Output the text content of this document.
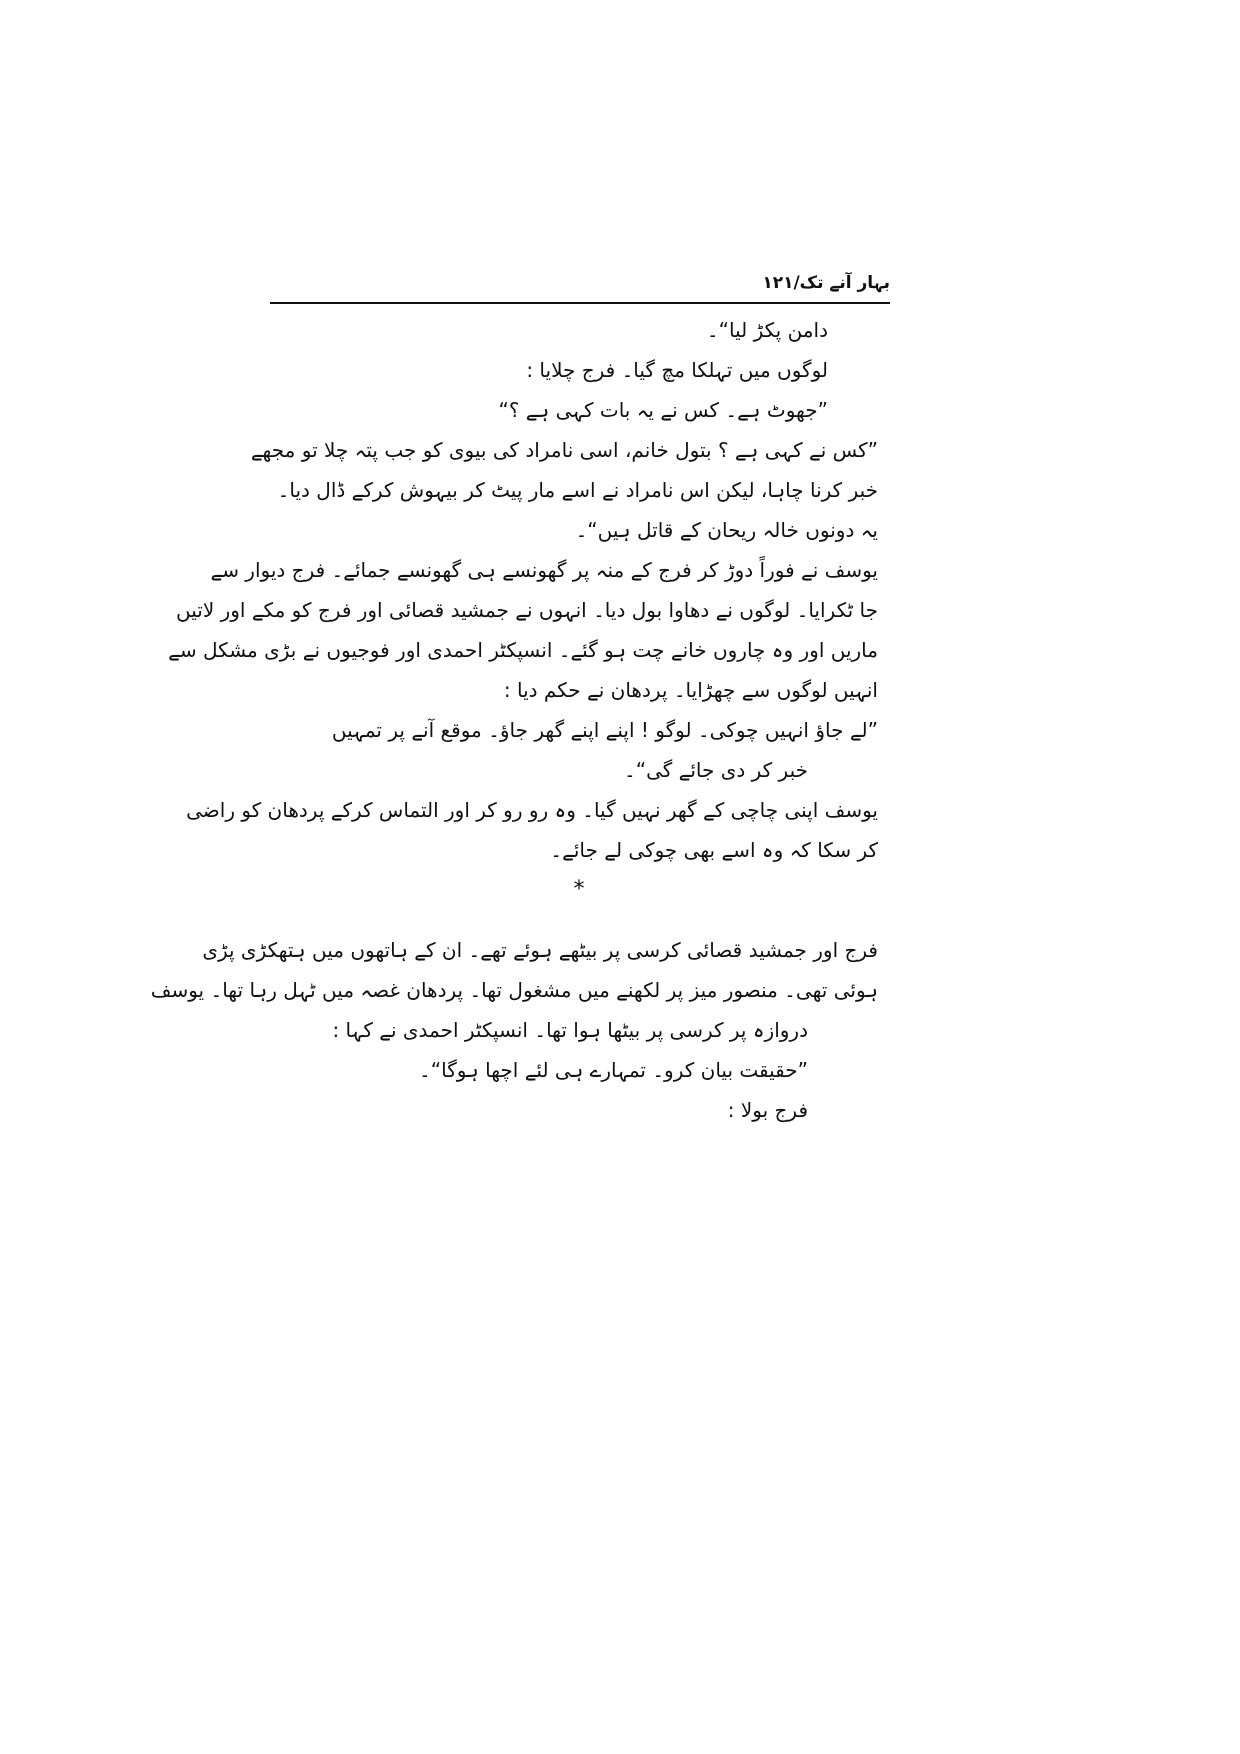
بہار آنے تک/۱۲۱
دامن پکڑ لیا“۔
لوگوں میں تہلکا مچ گیا۔ فرج چلایا :
”جھوٹ ہے۔ کس نے یہ بات کہی ہے ؟“
”کس نے کہی ہے ؟ بتول خانم، اسی نامراد کی بیوی کو جب پتہ چلا تو مجھے
خبر کرنا چاہا، لیکن اس نامراد نے اسے مار پیٹ کر بیہوش کرکے ڈال دیا۔
یہ دونوں خالہ ریحان کے قاتل ہیں“۔
یوسف نے فوراً دوڑ کر فرج کے منہ پر گھونسے ہی گھونسے جمائے۔ فرج دیوار سے
جا ٹکرایا۔ لوگوں نے دھاوا بول دیا۔ انہوں نے جمشید قصائی اور فرج کو مکے اور لاتیں
ماریں اور وہ چاروں خانے چت ہو گئے۔ انسپکٹر احمدی اور فوجیوں نے بڑی مشکل سے
انہیں لوگوں سے چھڑایا۔ پردھان نے حکم دیا :
”لے جاؤ انہیں چوکی۔ لوگو ! اپنے اپنے گھر جاؤ۔ موقع آنے پر تمہیں
خبر کر دی جائے گی“۔
یوسف اپنی چاچی کے گھر نہیں گیا۔ وہ رو رو کر اور التماس کرکے پردھان کو راضی
کر سکا کہ وہ اسے بھی چوکی لے جائے۔
*
فرج اور جمشید قصائی کرسی پر بیٹھے ہوئے تھے۔ ان کے ہاتھوں میں ہتھکڑی پڑی
ہوئی تھی۔ منصور میز پر لکھنے میں مشغول تھا۔ پردھان غصہ میں ٹہل رہا تھا۔ یوسف
دروازہ پر کرسی پر بیٹھا ہوا تھا۔ انسپکٹر احمدی نے کہا :
”حقیقت بیان کرو۔ تمہارے ہی لئے اچھا ہوگا“۔
فرج بولا :
